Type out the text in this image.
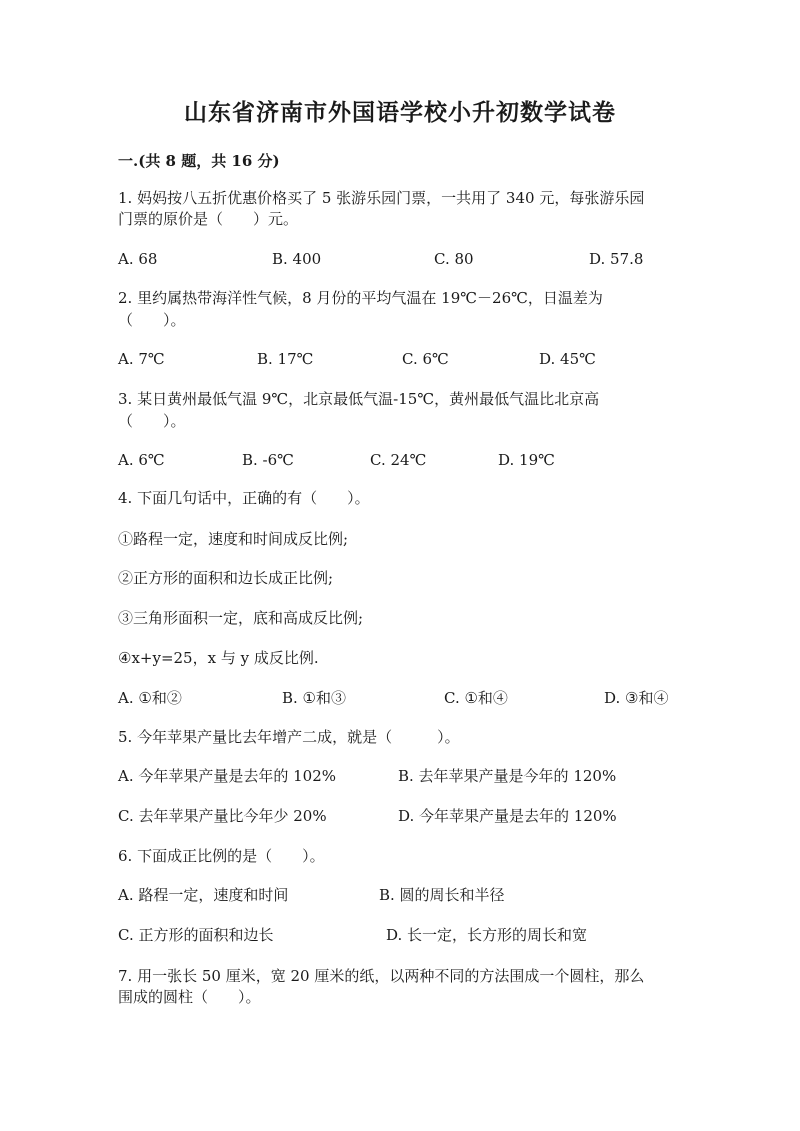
山东省济南市外国语学校小升初数学试卷
一.(共 8 题，共 16 分)
1. 妈妈按八五折优惠价格买了 5 张游乐园门票，一共用了 340 元，每张游乐园
门票的原价是（　　）元。
A. 68	B. 400	C. 80	D. 57.8
2. 里约属热带海洋性气候，8 月份的平均气温在 19℃－26℃，日温差为
（　　）。
A. 7℃	B. 17℃	C. 6℃	D. 45℃
3. 某日黄州最低气温 9℃，北京最低气温-15℃，黄州最低气温比北京高
（　　）。
A. 6℃	B. -6℃	C. 24℃	D. 19℃
4. 下面几句话中，正确的有（　　）。
①路程一定，速度和时间成反比例;
②正方形的面积和边长成正比例;
③三角形面积一定，底和高成反比例;
④x+y=25，x 与 y 成反比例.
A. ①和②	B. ①和③	C. ①和④	D. ③和④
5. 今年苹果产量比去年增产二成，就是（　　　）。
A. 今年苹果产量是去年的 102%	B. 去年苹果产量是今年的 120%
C. 去年苹果产量比今年少 20%	D. 今年苹果产量是去年的 120%
6. 下面成正比例的是（　　）。
A. 路程一定，速度和时间	B. 圆的周长和半径
C. 正方形的面积和边长	D. 长一定，长方形的周长和宽
7. 用一张长 50 厘米，宽 20 厘米的纸，以两种不同的方法围成一个圆柱，那么
围成的圆柱（　　）。
